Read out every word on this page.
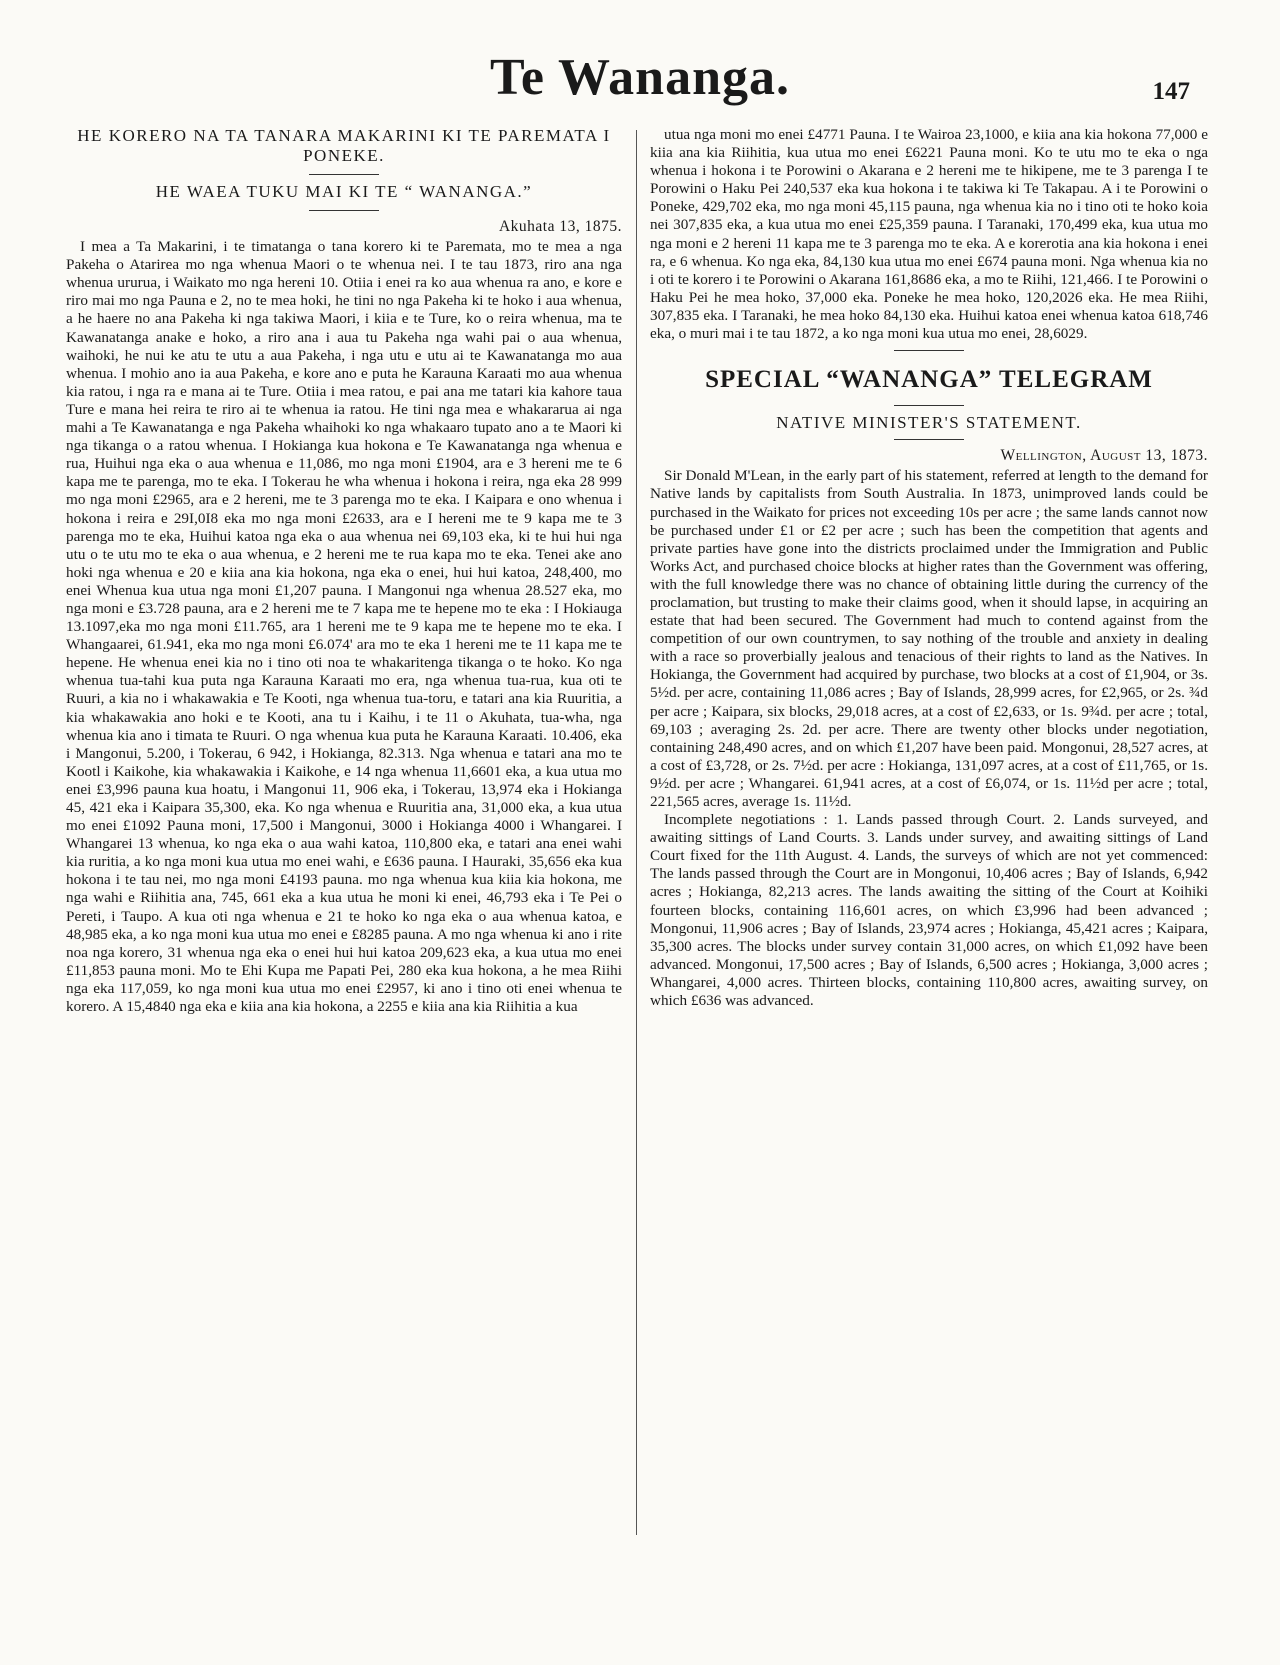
Te Wananga.	147
HE KORERO NA TA TANARA MAKARINI KI TE PAREMATA I PONEKE.
HE WAEA TUKU MAI KI TE “ WANANGA.”
Akuhata 13, 1875.

I mea a Ta Makarini, i te timatanga o tana korero ki te Paremata, mo te mea a nga Pakeha o Atarirea mo nga whenua Maori o te whenua nei. I te tau 1873, riro ana nga whenua ururua, i Waikato mo nga hereni 10. Otiia i enei ra ko aua whenua ra ano, e kore e riro mai mo nga Pauna e 2, no te mea hoki, he tini no nga Pakeha ki te hoko i aua whenua, a he haere no ana Pakeha ki nga takiwa Maori, i kiia e te Ture, ko o reira whenua, ma te Kawanatanga anake e hoko, a riro ana i aua tu Pakeha nga wahi pai o aua whenua, waihoki, he nui ke atu te utu a aua Pakeha, i nga utu e utu ai te Kawanatanga mo aua whenua. I mohio ano ia aua Pakeha, e kore ano e puta he Karauna Karaati mo aua whenua kia ratou, i nga ra e mana ai te Ture. Otiia i mea ratou, e pai ana me tatari kia kahore taua Ture e mana hei reira te riro ai te whenua ia ratou. He tini nga mea e whakararua ai nga mahi a Te Kawanatanga e nga Pakeha whaihoki ko nga whakaaro tupato ano a te Maori ki nga tikanga o a ratou whenua. I Hokianga kua hokona e Te Kawanatanga nga whenua e rua, Huihui nga eka o aua whenua e 11,086, mo nga moni £1904, ara e 3 hereni me te 6 kapa me te parenga, mo te eka. I Tokerau he wha whenua i hokona i reira, nga eka 28 999 mo nga moni £2965, ara e 2 hereni, me te 3 parenga mo te eka. I Kaipara e ono whenua i hokona i reira e 29I,0I8 eka mo nga moni £2633, ara e I hereni me te 9 kapa me te 3 parenga mo te eka, Huihui katoa nga eka o aua whenua nei 69,103 eka, ki te hui hui nga utu o te utu mo te eka o aua whenua, e 2 hereni me te rua kapa mo te eka. Tenei ake ano hoki nga whenua e 20 e kiia ana kia hokona, nga eka o enei, hui hui katoa, 248,400, mo enei Whenua kua utua nga moni £1,207 pauna. I Mangonui nga whenua 28.527 eka, mo nga moni e £3.728 pauna, ara e 2 hereni me te 7 kapa me te hepene mo te eka : I Hokiauga 13.1097,eka mo nga moni £11.765, ara 1 hereni me te 9 kapa me te hepene mo te eka. I Whangaarei, 61.941, eka mo nga moni £6.074' ara mo te eka 1 hereni me te 11 kapa me te hepene. He whenua enei kia no i tino oti noa te whakaritenga tikanga o te hoko. Ko nga whenua tua-tahi kua puta nga Karauna Karaati mo era, nga whenua tua-rua, kua oti te Ruuri, a kia no i whakawakia e Te Kooti, nga whenua tua-toru, e tatari ana kia Ruuritia, a kia whakawakia ano hoki e te Kooti, ana tu i Kaihu, i te 11 o Akuhata, tua-wha, nga whenua kia ano i timata te Ruuri. O nga whenua kua puta he Karauna Karaati. 10.406, eka i Mangonui, 5.200, i Tokerau, 6 942, i Hokianga, 82.313. Nga whenua e tatari ana mo te Kootl i Kaikohe, kia whakawakia i Kaikohe, e 14 nga whenua 11,6601 eka, a kua utua mo enei £3,996 pauna kua hoatu, i Mangonui 11, 906 eka, i Tokerau, 13,974 eka i Hokianga 45, 421 eka i Kaipara 35,300, eka. Ko nga whenua e Ruuritia ana, 31,000 eka, a kua utua mo enei £1092 Pauna moni, 17,500 i Mangonui, 3000 i Hokianga 4000 i Whangarei. I Whangarei 13 whenua, ko nga eka o aua wahi katoa, 110,800 eka, e tatari ana enei wahi kia ruritia, a ko nga moni kua utua mo enei wahi, e £636 pauna. I Hauraki, 35,656 eka kua hokona i te tau nei, mo nga moni £4193 pauna. mo nga whenua kua kiia kia hokona, me nga wahi e Riihitia ana, 745, 661 eka a kua utua he moni ki enei, 46,793 eka i Te Pei o Pereti, i Taupo. A kua oti nga whenua e 21 te hoko ko nga eka o aua whenua katoa, e 48,985 eka, a ko nga moni kua utua mo enei e £8285 pauna. A mo nga whenua ki ano i rite noa nga korero, 31 whenua nga eka o enei hui hui katoa 209,623 eka, a kua utua mo enei £11,853 pauna moni. Mo te Ehi Kupa me Papati Pei, 280 eka kua hokona, a he mea Riihi nga eka 117,059, ko nga moni kua utua mo enei £2957, ki ano i tino oti enei whenua te korero. A 15,4840 nga eka e kiia ana kia hokona, a 2255 e kiia ana kia Riihitia a kua

utua nga moni mo enei £4771 Pauna. I te Wairoa 23,1000, e kiia ana kia hokona 77,000 e kiia ana kia Riihitia, kua utua mo enei £6221 Pauna moni. Ko te utu mo te eka o nga whenua i hokona i te Porowini o Akarana e 2 hereni me te hikipene, me te 3 parenga I te Porowini o Haku Pei 240,537 eka kua hokona i te takiwa ki Te Takapau. A i te Porowini o Poneke, 429,702 eka, mo nga moni 45,115 pauna, nga whenua kia no i tino oti te hoko koia nei 307,835 eka, a kua utua mo enei £25,359 pauna. I Taranaki, 170,499 eka, kua utua mo nga moni e 2 hereni 11 kapa me te 3 parenga mo te eka. A e korerotia ana kia hokona i enei ra, e 6 whenua. Ko nga eka, 84,130 kua utua mo enei £674 pauna moni. Nga whenua kia no i oti te korero i te Porowini o Akarana 161,8686 eka, a mo te Riihi, 121,466. I te Porowini o Haku Pei he mea hoko, 37,000 eka. Poneke he mea hoko, 120,2026 eka. He mea Riihi, 307,835 eka. I Taranaki, he mea hoko 84,130 eka. Huihui katoa enei whenua katoa 618,746 eka, o muri mai i te tau 1872, a ko nga moni kua utua mo enei, 28,6029.

SPECIAL “WANANGA” TELEGRAM
NATIVE MINISTER'S STATEMENT.
Wellington, August 13, 1873.

Sir Donald M'Lean, in the early part of his statement, referred at length to the demand for Native lands by capitalists from South Australia. In 1873, unimproved lands could be purchased in the Waikato for prices not exceeding 10s per acre ; the same lands cannot now be purchased under £1 or £2 per acre ; such has been the competition that agents and private parties have gone into the districts proclaimed under the Immigration and Public Works Act, and purchased choice blocks at higher rates than the Government was offering, with the full knowledge there was no chance of obtaining little during the currency of the proclamation, but trusting to make their claims good, when it should lapse, in acquiring an estate that had been secured. The Government had much to contend against from the competition of our own countrymen, to say nothing of the trouble and anxiety in dealing with a race so proverbially jealous and tenacious of their rights to land as the Natives. In Hokianga, the Government had acquired by purchase, two blocks at a cost of £1,904, or 3s. 5½d. per acre, containing 11,086 acres ; Bay of Islands, 28,999 acres, for £2,965, or 2s. ¾d per acre ; Kaipara, six blocks, 29,018 acres, at a cost of £2,633, or 1s. 9¾d. per acre ; total, 69,103 ; averaging 2s. 2d. per acre. There are twenty other blocks under negotiation, containing 248,490 acres, and on which £1,207 have been paid. Mongonui, 28,527 acres, at a cost of £3,728, or 2s. 7½d. per acre : Hokianga, 131,097 acres, at a cost of £11,765, or 1s. 9½d. per acre ; Whangarei. 61,941 acres, at a cost of £6,074, or 1s. 11½d per acre ; total, 221,565 acres, average 1s. 11½d.

Incomplete negotiations : 1. Lands passed through Court. 2. Lands surveyed, and awaiting sittings of Land Courts. 3. Lands under survey, and awaiting sittings of Land Court fixed for the 11th August. 4. Lands, the surveys of which are not yet commenced: The lands passed through the Court are in Mongonui, 10,406 acres ; Bay of Islands, 6,942 acres ; Hokianga, 82,213 acres. The lands awaiting the sitting of the Court at Koihiki fourteen blocks, containing 116,601 acres, on which £3,996 had been advanced ; Mongonui, 11,906 acres ; Bay of Islands, 23,974 acres ; Hokianga, 45,421 acres ; Kaipara, 35,300 acres. The blocks under survey contain 31,000 acres, on which £1,092 have been advanced. Mongonui, 17,500 acres ; Bay of Islands, 6,500 acres ; Hokianga, 3,000 acres ; Whangarei, 4,000 acres. Thirteen blocks, containing 110,800 acres, awaiting survey, on which £636 was advanced.
